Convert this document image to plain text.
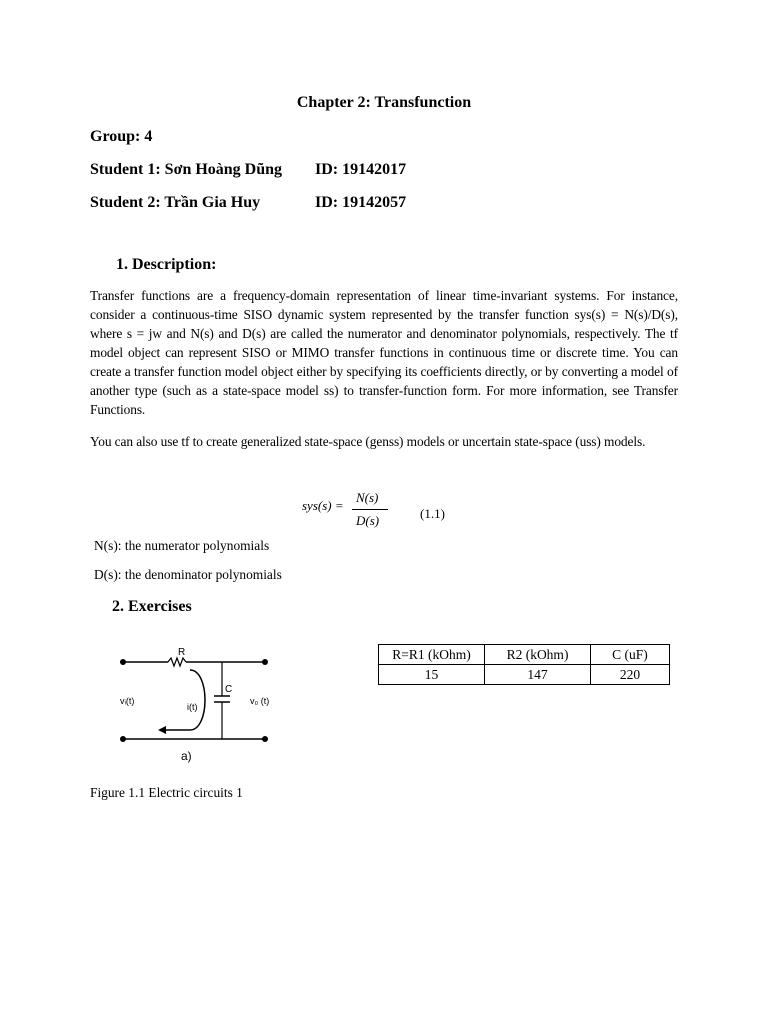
Chapter 2: Transfunction
Group: 4
Student 1: Sơn Hoàng Dũng ID: 19142017
Student 2: Trần Gia Huy	ID: 19142057
1. Description:
Transfer functions are a frequency-domain representation of linear time-invariant systems. For instance, consider a continuous-time SISO dynamic system represented by the transfer function sys(s) = N(s)/D(s), where s = jw and N(s) and D(s) are called the numerator and denominator polynomials, respectively. The tf model object can represent SISO or MIMO transfer functions in continuous time or discrete time. You can create a transfer function model object either by specifying its coefficients directly, or by converting a model of another type (such as a state-space model ss) to transfer-function form. For more information, see Transfer Functions.
You can also use tf to create generalized state-space (genss) models or uncertain state-space (uss) models.
sys(s) =
N(s)
D(s)	(1.1)
N(s): the numerator polynomials
D(s): the denominator polynomials
2. Exercises
R
C
vᵢ(t)
i(t)
v₀ (t)
a)
R=R1 (kOhm)	R2 (kOhm)	C (uF)
15	147	220
Figure 1.1 Electric circuits 1
